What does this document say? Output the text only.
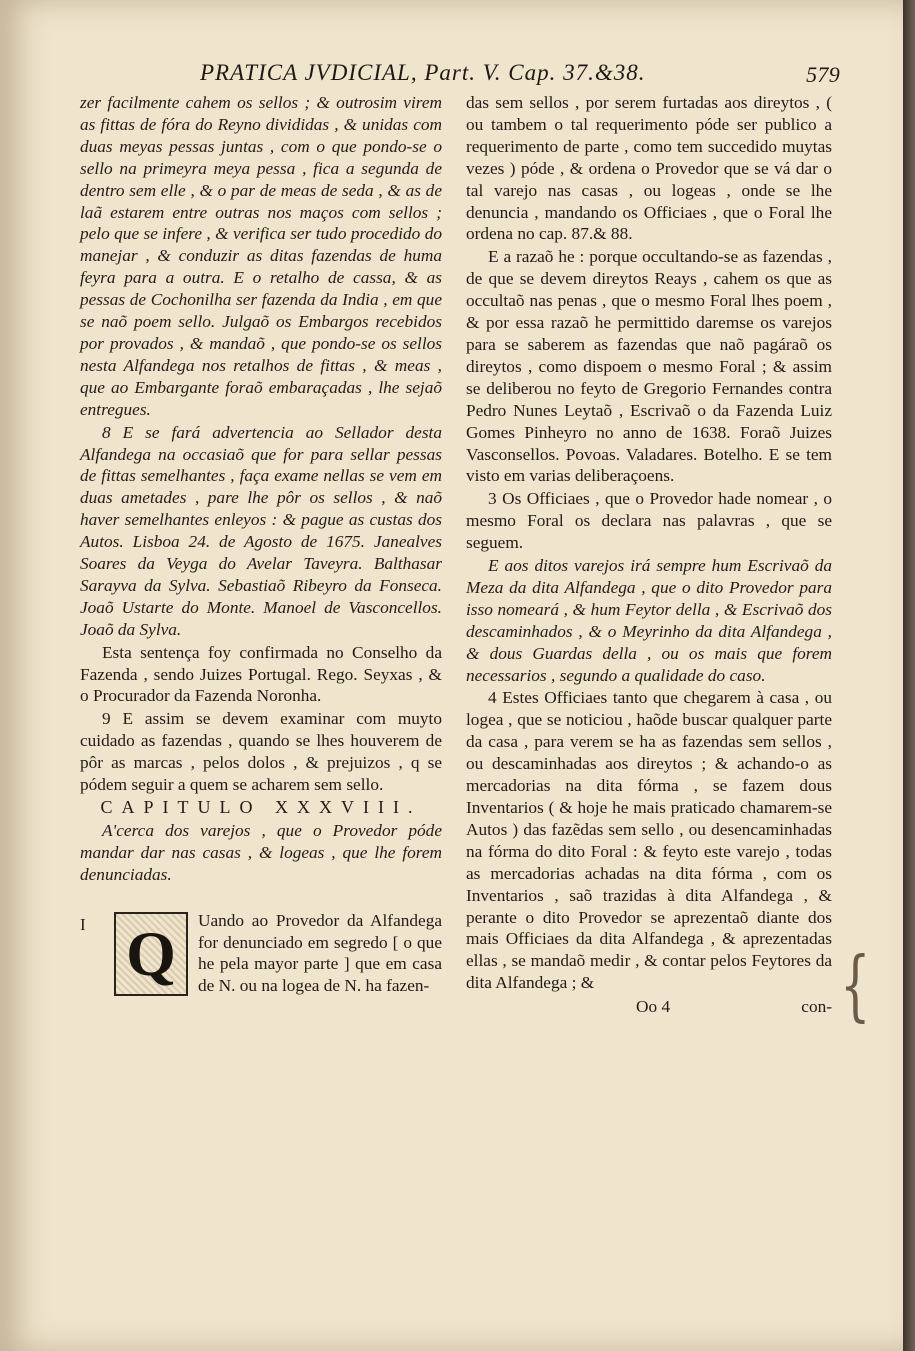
PRATICA JVDICIAL, Part. V. Cap. 37.&38.	579

zer facilmente cahem os sellos ; & outrosim virem as fittas de fóra do Reyno divididas , & unidas com duas meyas pessas juntas , com o que pondo-se o sello na primeyra meya pessa , fica a segunda de dentro sem elle , & o par de meas de seda , & as de laã estarem entre outras nos maços com sellos ; pelo que se infere , & verifica ser tudo procedido do manejar , & conduzir as ditas fazendas de huma feyra para a outra. E o retalho de cassa, & as pessas de Cochonilha ser fazenda da India , em que se naõ poem sello. Julgaõ os Embargos recebidos por provados , & mandaõ , que pondo-se os sellos nesta Alfandega nos retalhos de fittas , & meas , que ao Embargante foraõ embaraçadas , lhe sejaõ entregues.

8 E se fará advertencia ao Sellador desta Alfandega na occasiaõ que for para sellar pessas de fittas semelhantes , faça exame nellas se vem em duas ametades , pare lhe pôr os sellos , & naõ haver semelhantes enleyos : & pague as custas dos Autos. Lisboa 24. de Agosto de 1675. Janealves Soares da Veyga do Avelar Taveyra. Balthasar Sarayva da Sylva. Sebastiaõ Ribeyro da Fonseca. Joaõ Ustarte do Monte. Manoel de Vasconcellos. Joaõ da Sylva.

Esta sentença foy confirmada no Conselho da Fazenda , sendo Juizes Portugal. Rego. Seyxas , & o Procurador da Fazenda Noronha.

9 E assim se devem examinar com muyto cuidado as fazendas , quando se lhes houverem de pôr as marcas , pelos dolos , & prejuizos , q se pódem seguir a quem se acharem sem sello.

CAPITULO XXXVIII.

A'cerca dos varejos , que o Provedor póde mandar dar nas casas , & logeas , que lhe forem denunciadas.

I Q	Uando ao Provedor da Alfandega for denunciado em segredo [ o que he pela mayor parte ] que em casa de N. ou na logea de N. ha fazen-

das sem sellos , por serem furtadas aos direytos , ( ou tambem o tal requerimento póde ser publico a requerimento de parte , como tem succedido muytas vezes ) póde , & ordena o Provedor que se vá dar o tal varejo nas casas , ou logeas , onde se lhe denuncia , mandando os Officiaes , que o Foral lhe ordena no cap. 87.& 88.

E a razaõ he : porque occultando-se as fazendas , de que se devem direytos Reays , cahem os que as occultaõ nas penas , que o mesmo Foral lhes poem , & por essa razaõ he permittido daremse os varejos para se saberem as fazendas que naõ pagáraõ os direytos , como dispoem o mesmo Foral ; & assim se deliberou no feyto de Gregorio Fernandes contra Pedro Nunes Leytaõ , Escrivaõ o da Fazenda Luiz Gomes Pinheyro no anno de 1638. Foraõ Juizes Vasconsellos. Povoas. Valadares. Botelho. E se tem visto em varias deliberaçoens.

3 Os Officiaes , que o Provedor hade nomear , o mesmo Foral os declara nas palavras , que se seguem.

E aos ditos varejos irá sempre hum Escrivaõ da Meza da dita Alfandega , que o dito Provedor para isso nomeará , & hum Feytor della , & Escrivaõ dos descaminhados , & o Meyrinho da dita Alfandega , & dous Guardas della , ou os mais que forem necessarios , segundo a qualidade do caso.

4 Estes Officiaes tanto que chegarem à casa , ou logea , que se noticiou , haõde buscar qualquer parte da casa , para verem se ha as fazendas sem sellos , ou descaminhadas aos direytos ; & achando-o as mercadorias na dita fórma , se fazem dous Inventarios ( & hoje he mais praticado chamarem-se Autos ) das fazẽdas sem sello , ou desencaminhadas na fórma do dito Foral : & feyto este varejo , todas as mercadorias achadas na dita fórma , com os Inventarios , saõ trazidas à dita Alfandega , & perante o dito Provedor se aprezentaõ diante dos mais Officiaes da dita Alfandega , & aprezentadas ellas , se mandaõ medir , & contar pelos Feytores da dita Alfandega ; &

Oo 4	con- {
